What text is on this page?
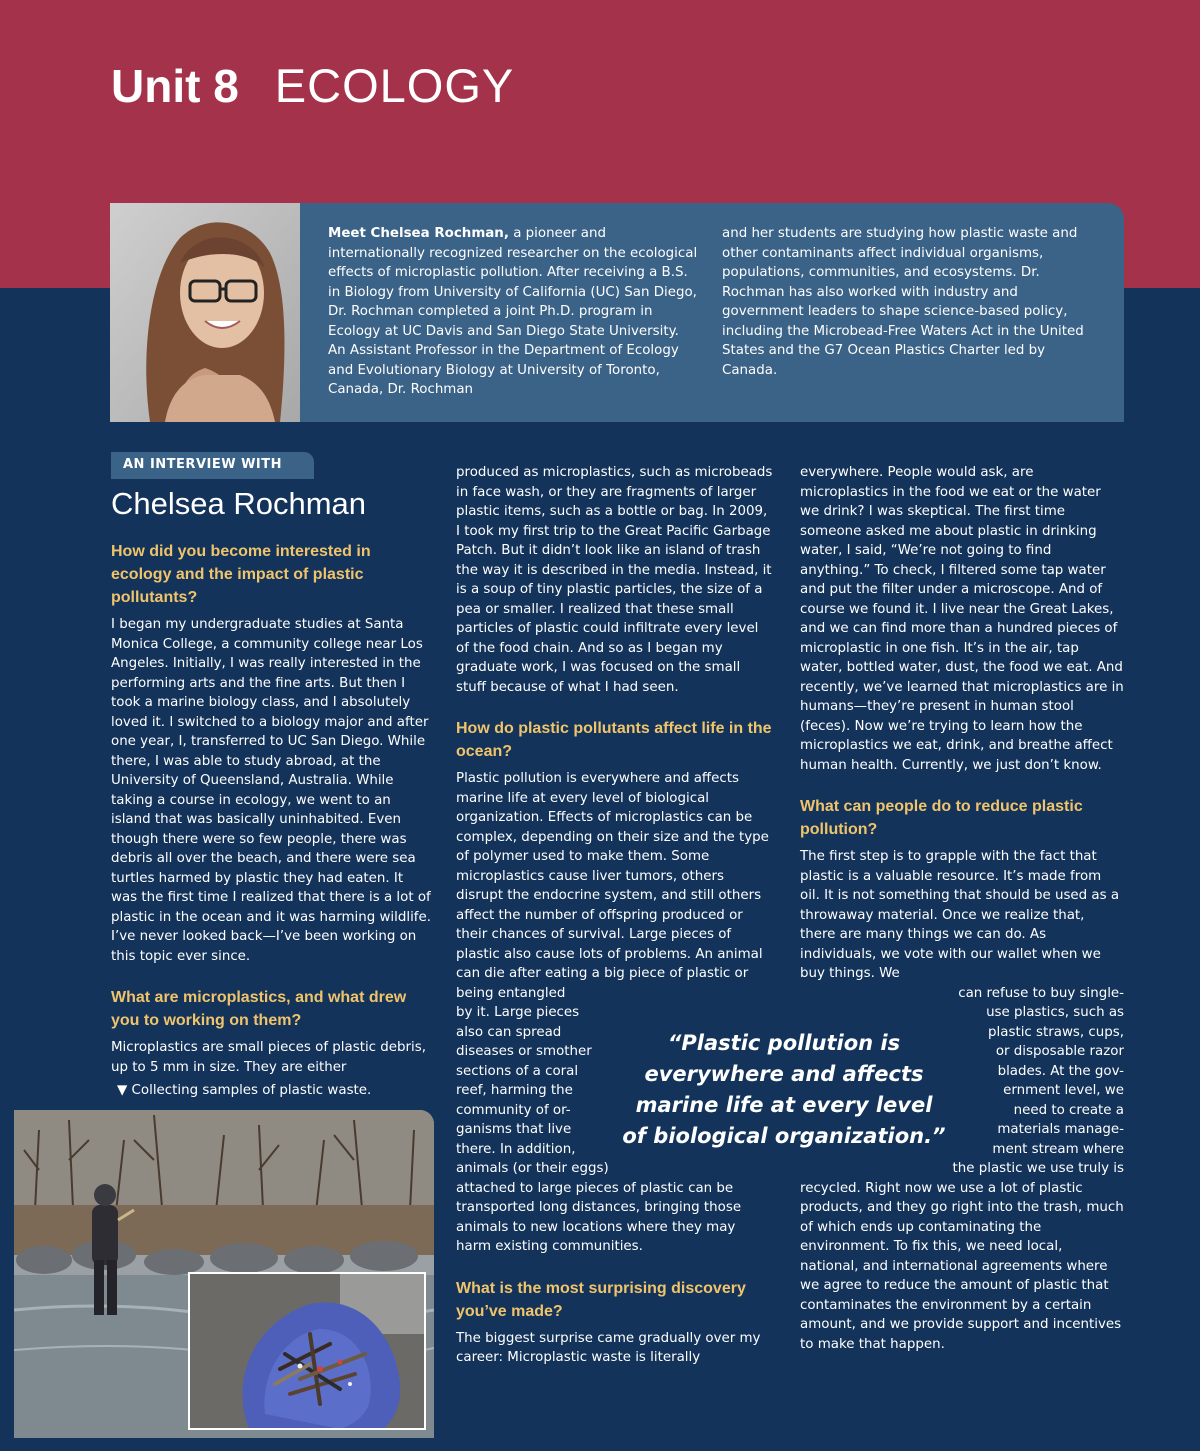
Unit 8 ECOLOGY
Meet Chelsea Rochman, a pioneer and internationally recognized researcher on the ecological effects of microplastic pollution. After receiving a B.S. in Biology from University of California (UC) San Diego, Dr. Rochman completed a joint Ph.D. program in Ecology at UC Davis and San Diego State University. An Assistant Professor in the Department of Ecology and Evolutionary Biology at University of Toronto, Canada, Dr. Rochman
and her students are studying how plastic waste and other contaminants affect individual organisms, populations, communities, and ecosystems. Dr. Rochman has also worked with industry and government leaders to shape science-based policy, including the Microbead-Free Waters Act in the United States and the G7 Ocean Plastics Charter led by Canada.
AN INTERVIEW WITH
Chelsea Rochman

How did you become interested in ecology and the impact of plastic pollutants?

I began my undergraduate studies at Santa Monica College, a community college near Los Angeles. Initially, I was really interested in the performing arts and the fine arts. But then I took a marine biology class, and I absolutely loved it. I switched to a biology major and after one year, I, transferred to UC San Diego. While there, I was able to study abroad, at the University of Queensland, Australia. While taking a course in ecology, we went to an island that was basically uninhabited. Even though there were so few people, there was debris all over the beach, and there were sea turtles harmed by plastic they had eaten. It was the first time I realized that there is a lot of plastic in the ocean and it was harming wildlife. I’ve never looked back—I’ve been working on this topic ever since.

What are microplastics, and what drew you to working on them?

Microplastics are small pieces of plastic debris, up to 5 mm in size. They are either

▼ Collecting samples of plastic waste.

produced as microplastics, such as microbeads in face wash, or they are fragments of larger plastic items, such as a bottle or bag. In 2009, I took my first trip to the Great Pacific Garbage Patch. But it didn’t look like an island of trash the way it is described in the media. Instead, it is a soup of tiny plastic particles, the size of a pea or smaller. I realized that these small particles of plastic could infiltrate every level of the food chain. And so as I began my graduate work, I was focused on the small stuff because of what I had seen.

How do plastic pollutants affect life in the ocean?

Plastic pollution is everywhere and affects marine life at every level of biological organization. Effects of microplastics can be complex, depending on their size and the type of polymer used to make them. Some microplastics cause liver tumors, others disrupt the endocrine system, and still others affect the number of offspring produced or their chances of survival. Large pieces of plastic also cause lots of problems. An animal can die after eating a big piece of plastic or being entangled

by it. Large pieces
also can spread
diseases or smother
sections of a coral
reef, harming the
community of or-
ganisms that live
there. In addition,
animals (or their eggs)

attached to large pieces of plastic can be transported long distances, bringing those animals to new locations where they may harm existing communities.

What is the most surprising discovery you’ve made?

The biggest surprise came gradually over my career: Microplastic waste is literally

“Plastic pollution is everywhere and affects marine life at every level of biological organization.”

everywhere. People would ask, are microplastics in the food we eat or the water we drink? I was skeptical. The first time someone asked me about plastic in drinking water, I said, “We’re not going to find anything.” To check, I filtered some tap water and put the filter under a microscope. And of course we found it. I live near the Great Lakes, and we can find more than a hundred pieces of microplastic in one fish. It’s in the air, tap water, bottled water, dust, the food we eat. And recently, we’ve learned that microplastics are in humans—they’re present in human stool (feces). Now we’re trying to learn how the microplastics we eat, drink, and breathe affect human health. Currently, we just don’t know.

What can people do to reduce plastic pollution?

The first step is to grapple with the fact that plastic is a valuable resource. It’s made from oil. It is not something that should be used as a throwaway material. Once we realize that, there are many things we can do. As individuals, we vote with our wallet when we buy things. We

can refuse to buy single-
use plastics, such as
plastic straws, cups,
or disposable razor
blades. At the gov-
ernment level, we
need to create a
materials manage-
ment stream where
the plastic we use truly is

recycled. Right now we use a lot of plastic products, and they go right into the trash, much of which ends up contaminating the environment. To fix this, we need local, national, and international agreements where we agree to reduce the amount of plastic that contaminates the environment by a certain amount, and we provide support and incentives to make that happen.
